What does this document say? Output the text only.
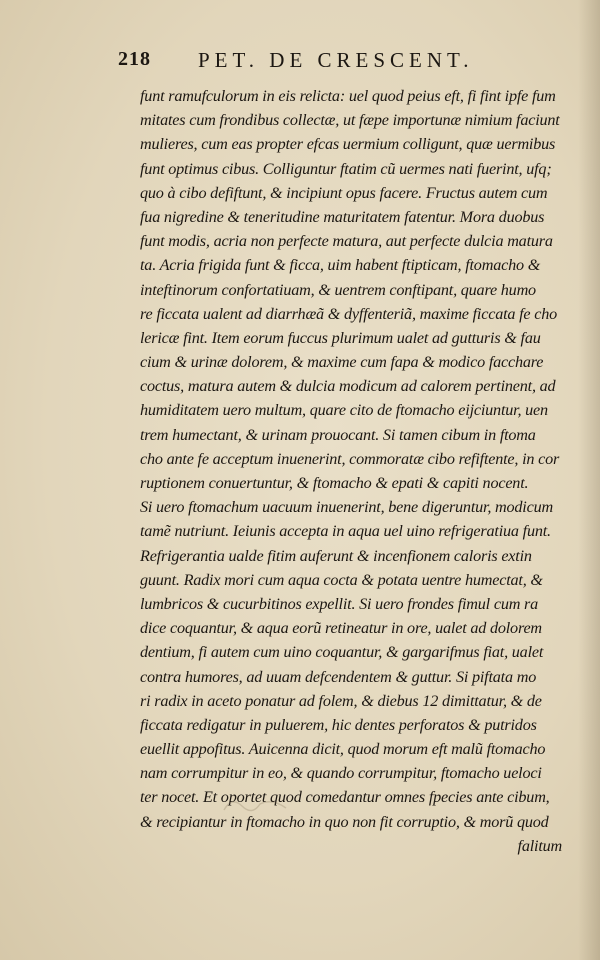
218 PET. DE CRESCENT.
funt ramufculorum in eis relicta: uel quod peius eft, fi fint ipfe fum
mitates cum frondibus collectæ, ut fæpe importunæ nimium faciunt
mulieres, cum eas propter efcas uermium colligunt, quæ uermibus
funt optimus cibus. Colliguntur ftatim cũ uermes nati fuerint, ufq;
quo à cibo defiftunt, & incipiunt opus facere. Fructus autem cum
fua nigredine & teneritudine maturitatem fatentur. Mora duobus
funt modis, acria non perfecte matura, aut perfecte dulcia matura
ta. Acria frigida funt & ficca, uim habent ftipticam, ftomacho &
inteftinorum confortatiuam, & uentrem conftipant, quare humo
re ficcata ualent ad diarrhæã & dyffenteriã, maxime ficcata fe cho
lericæ fint. Item eorum fuccus plurimum ualet ad gutturis & fau
cium & urinæ dolorem, & maxime cum fapa & modico facchare
coctus, matura autem & dulcia modicum ad calorem pertinent, ad
humiditatem uero multum, quare cito de ftomacho eijciuntur, uen
trem humectant, & urinam prouocant. Si tamen cibum in ftoma
cho ante fe acceptum inuenerint, commoratæ cibo refiftente, in cor
ruptionem conuertuntur, & ftomacho & epati & capiti nocent.
Si uero ftomachum uacuum inuenerint, bene digeruntur, modicum
tamẽ nutriunt. Ieiunis accepta in aqua uel uino refrigeratiua funt.
Refrigerantia ualde fitim auferunt & incenfionem caloris extin
guunt. Radix mori cum aqua cocta & potata uentre humectat, &
lumbricos & cucurbitinos expellit. Si uero frondes fimul cum ra
dice coquantur, & aqua eorũ retineatur in ore, ualet ad dolorem
dentium, fi autem cum uino coquantur, & gargarifmus fiat, ualet
contra humores, ad uuam defcendentem & guttur. Si piftata mo
ri radix in aceto ponatur ad folem, & diebus 12 dimittatur, & de
ficcata redigatur in puluerem, hic dentes perforatos & putridos
euellit appofitus. Auicenna dicit, quod morum eft malũ ftomacho
nam corrumpitur in eo, & quando corrumpitur, ftomacho ueloci
ter nocet. Et oportet quod comedantur omnes fpecies ante cibum,
& recipiantur in ftomacho in quo non fit corruptio, & morũ quod
falitum
